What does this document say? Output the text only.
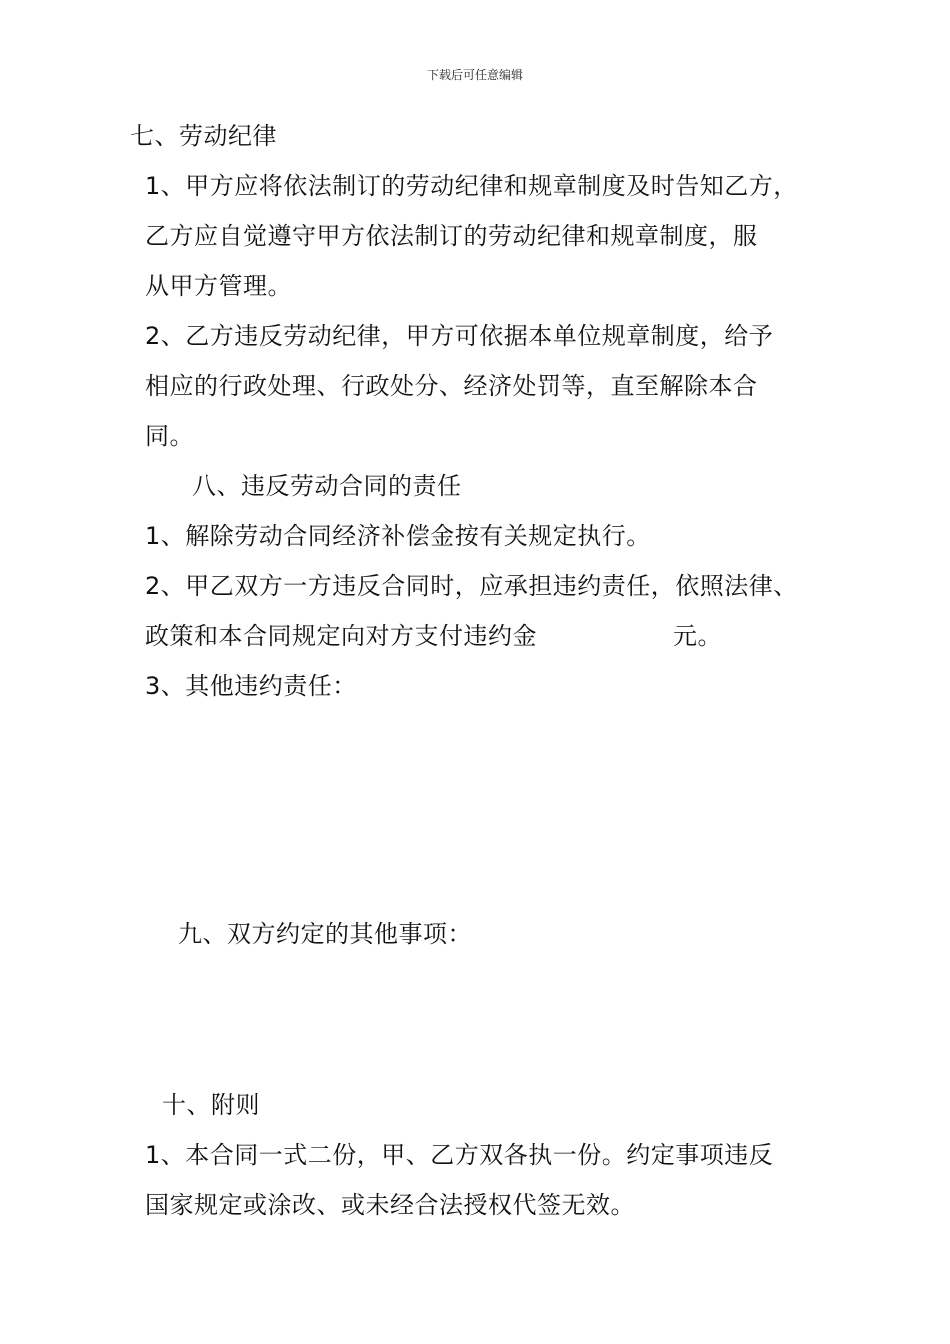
下载后可任意编辑
七、劳动纪律
1、甲方应将依法制订的劳动纪律和规章制度及时告知乙方，
乙方应自觉遵守甲方依法制订的劳动纪律和规章制度，服
从甲方管理。
2、乙方违反劳动纪律，甲方可依据本单位规章制度，给予
相应的行政处理、行政处分、经济处罚等，直至解除本合
同。
八、违反劳动合同的责任
1、解除劳动合同经济补偿金按有关规定执行。
2、甲乙双方一方违反合同时，应承担违约责任，依照法律、
政策和本合同规定向对方支付违约金	元。
3、其他违约责任：
九、双方约定的其他事项：
十、附则
1、本合同一式二份，甲、乙方双各执一份。约定事项违反
国家规定或涂改、或未经合法授权代签无效。
